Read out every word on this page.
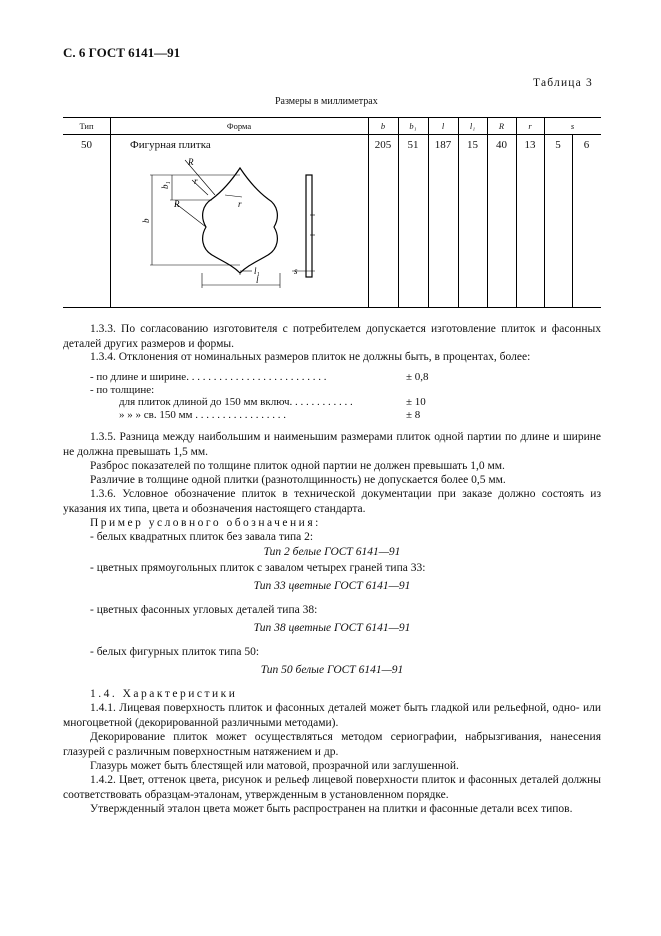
С. 6 ГОСТ 6141—91
Таблица 3
Размеры в миллиметрах
Тип	Форма	b	b₁	l	l₁	R	r	s
50	Фигурная плитка	205	51	187	15	40	13	5	6
R
r
b₁
b
R	r
l₁
l
s
1.3.3. По согласованию изготовителя с потребителем допускается изготовление плиток и фасонных деталей других размеров и формы.
1.3.4. Отклонения от номинальных размеров плиток не должны быть, в процентах, более:
- по длине и ширине. . . . . . . . . . . . . . . . . . . . . . . . . .	± 0,8
- по толщине:
для плиток длиной до 150 мм включ. . . . . . . . . . . .	± 10
» » » св. 150 мм . . . . . . . . . . . . . . . . .	± 8
1.3.5. Разница между наибольшим и наименьшим размерами плиток одной партии по длине и ширине не должна превышать 1,5 мм.
Разброс показателей по толщине плиток одной партии не должен превышать 1,0 мм.
Различие в толщине одной плитки (разнотолщинность) не допускается более 0,5 мм.
1.3.6. Условное обозначение плиток в технической документации при заказе должно состоять из указания их типа, цвета и обозначения настоящего стандарта.
Пример условного обозначения:
- белых квадратных плиток без завала типа 2:
Тип 2 белые ГОСТ 6141—91
- цветных прямоугольных плиток с завалом четырех граней типа 33:
Тип 33 цветные ГОСТ 6141—91
- цветных фасонных угловых деталей типа 38:
Тип 38 цветные ГОСТ 6141—91
- белых фигурных плиток типа 50:
Тип 50 белые ГОСТ 6141—91
1.4. Характеристики
1.4.1. Лицевая поверхность плиток и фасонных деталей может быть гладкой или рельефной, одно- или многоцветной (декорированной различными методами).
Декорирование плиток может осуществляться методом сериографии, набрызгивания, нанесения глазурей с различным поверхностным натяжением и др.
Глазурь может быть блестящей или матовой, прозрачной или заглушенной.
1.4.2. Цвет, оттенок цвета, рисунок и рельеф лицевой поверхности плиток и фасонных деталей должны соответствовать образцам-эталонам, утвержденным в установленном порядке.
Утвержденный эталон цвета может быть распространен на плитки и фасонные детали всех типов.
